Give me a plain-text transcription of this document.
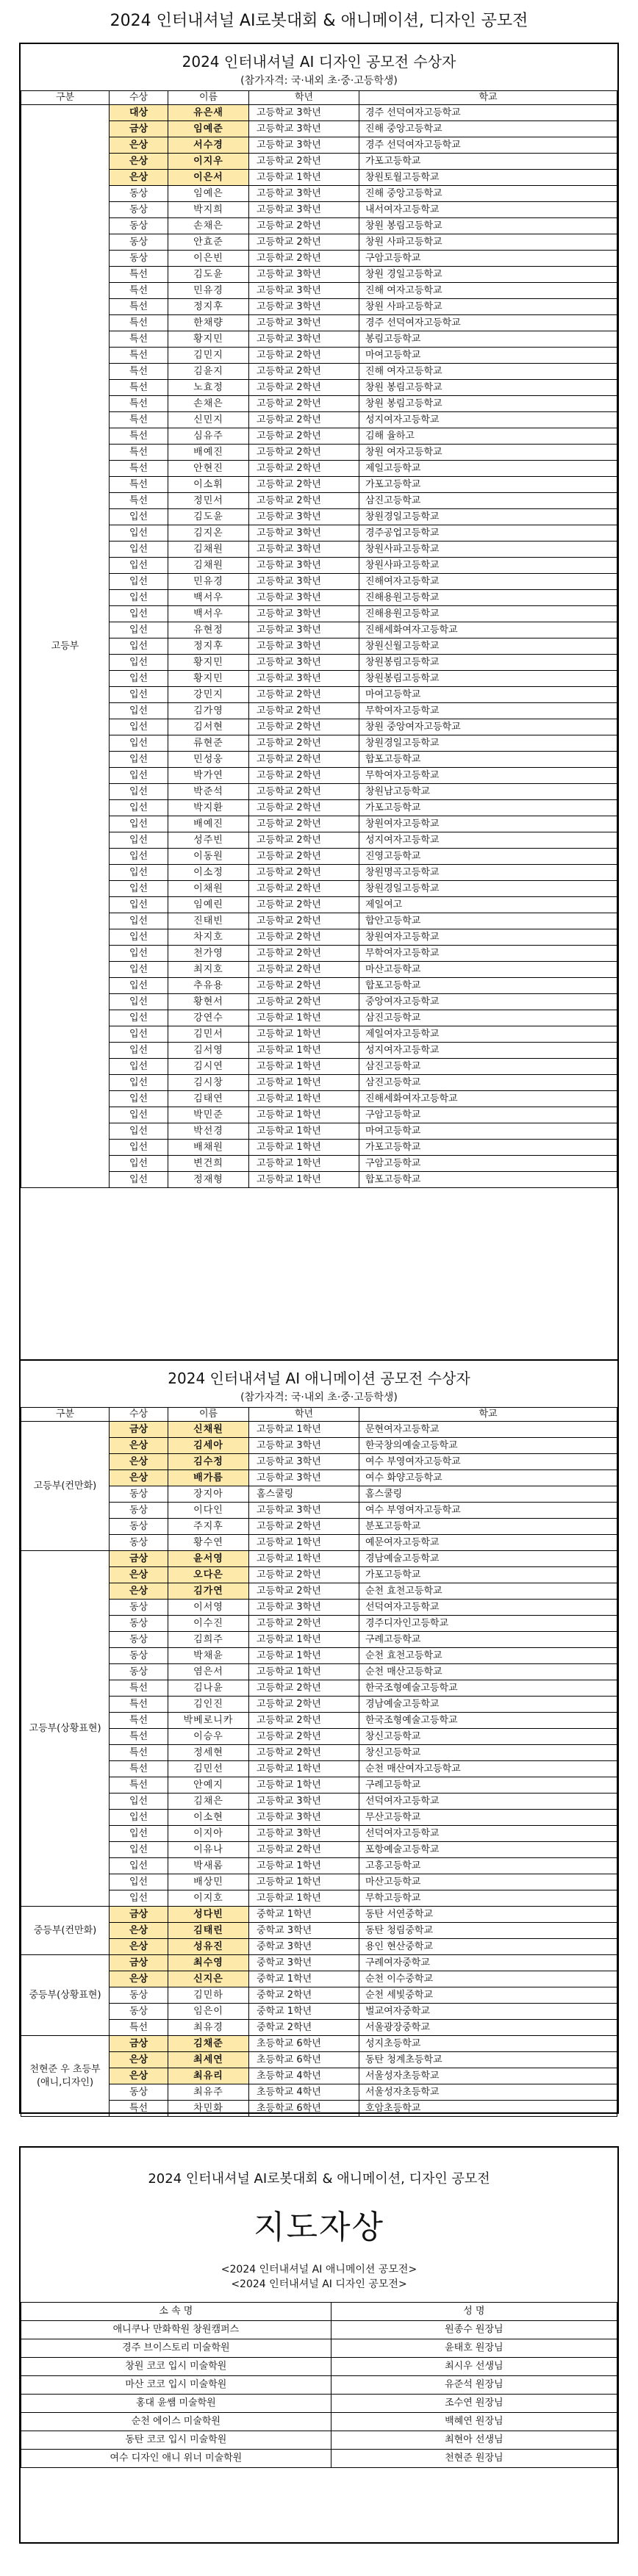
2024 인터내셔널 AI로봇대회 & 애니메이션, 디자인 공모전
2024 인터내셔널 AI 디자인 공모전 수상자
(참가자격: 국·내외 초·중·고등학생)
구분	수상	이름	학년	학교
고등부	대상	유은새	고등학교 3학년	경주 선덕여자고등학교
	금상	임예준	고등학교 3학년	진해 중앙고등학교
	은상	서수경	고등학교 3학년	경주 선덕여자고등학교
	은상	이지우	고등학교 2학년	가포고등학교
	은상	이은서	고등학교 1학년	창원토월고등학교
	동상	임예은	고등학교 3학년	진해 중앙고등학교
	동상	박지희	고등학교 3학년	내서여자고등학교
	동상	손채은	고등학교 2학년	창원 봉림고등학교
	동상	안효준	고등학교 2학년	창원 사파고등학교
	동상	이은빈	고등학교 2학년	구암고등학교
	특선	김도윤	고등학교 3학년	창원 경일고등학교
	특선	민유경	고등학교 3학년	진해 여자고등학교
	특선	정지후	고등학교 3학년	창원 사파고등학교
	특선	한채량	고등학교 3학년	경주 선덕여자고등학교
	특선	황지민	고등학교 3학년	봉림고등학교
	특선	김민지	고등학교 2학년	마여고등학교
	특선	김윤지	고등학교 2학년	진해 여자고등학교
	특선	노효정	고등학교 2학년	창원 봉림고등학교
	특선	손채은	고등학교 2학년	창원 봉림고등학교
	특선	신민지	고등학교 2학년	성지여자고등학교
	특선	심유주	고등학교 2학년	김해 율하고
	특선	배예진	고등학교 2학년	창원 여자고등학교
	특선	안현진	고등학교 2학년	제일고등학교
	특선	이소휘	고등학교 2학년	가포고등학교
	특선	정민서	고등학교 2학년	삼진고등학교
	입선	김도윤	고등학교 3학년	창원경일고등학교
	입선	김지온	고등학교 3학년	경주공업고등학교
	입선	김채원	고등학교 3학년	창원사파고등학교
	입선	김채원	고등학교 3학년	창원사파고등학교
	입선	민유경	고등학교 3학년	진해여자고등학교
	입선	백서우	고등학교 3학년	진해용원고등학교
	입선	백서우	고등학교 3학년	진해용원고등학교
	입선	유현정	고등학교 3학년	진해세화여자고등학교
	입선	정지후	고등학교 3학년	창원신월고등학교
	입선	황지민	고등학교 3학년	창원봉림고등학교
	입선	황지민	고등학교 3학년	창원봉림고등학교
	입선	강민지	고등학교 2학년	마여고등학교
	입선	김가영	고등학교 2학년	무학여자고등학교
	입선	김서현	고등학교 2학년	창원 중앙여자고등학교
	입선	류현준	고등학교 2학년	창원경일고등학교
	입선	민성웅	고등학교 2학년	합포고등학교
	입선	박가연	고등학교 2학년	무학여자고등학교
	입선	박준석	고등학교 2학년	창원남고등학교
	입선	박지환	고등학교 2학년	가포고등학교
	입선	배예진	고등학교 2학년	창원여자고등학교
	입선	성주빈	고등학교 2학년	성지여자고등학교
	입선	이동원	고등학교 2학년	진영고등학교
	입선	이소정	고등학교 2학년	창원명곡고등학교
	입선	이채원	고등학교 2학년	창원경일고등학교
	입선	임예린	고등학교 2학년	제일여고
	입선	진태빈	고등학교 2학년	합안고등학교
	입선	차지호	고등학교 2학년	창원여자고등학교
	입선	천가영	고등학교 2학년	무학여자고등학교
	입선	최지호	고등학교 2학년	마산고등학교
	입선	추유용	고등학교 2학년	합포고등학교
	입선	황현서	고등학교 2학년	중앙여자고등학교
	입선	강연수	고등학교 1학년	삼진고등학교
	입선	김민서	고등학교 1학년	제일여자고등학교
	입선	김서영	고등학교 1학년	성지여자고등학교
	입선	김시연	고등학교 1학년	삼진고등학교
	입선	김시창	고등학교 1학년	삼진고등학교
	입선	김태연	고등학교 1학년	진해세화여자고등학교
	입선	박민준	고등학교 1학년	구암고등학교
	입선	박선경	고등학교 1학년	마여고등학교
	입선	배채원	고등학교 1학년	가포고등학교
	입선	변건희	고등학교 1학년	구암고등학교
	입선	정재형	고등학교 1학년	합포고등학교
2024 인터내셔널 AI 애니메이션 공모전 수상자
(참가자격: 국·내외 초·중·고등학생)
구분	수상	이름	학년	학교
고등부(컨만화)	금상	신채원	고등학교 1학년	문현여자고등학교
	은상	김세아	고등학교 3학년	한국창의예술고등학교
	은상	김수정	고등학교 3학년	여수 부영여자고등학교
	은상	배가름	고등학교 3학년	여수 화양고등학교
	동상	장지아	홈스쿨링	홈스쿨링
	동상	이다인	고등학교 3학년	여수 부영여자고등학교
	동상	주지후	고등학교 2학년	분포고등학교
	동상	황수연	고등학교 1학년	예문여자고등학교
고등부(상황표현)	금상	윤서영	고등학교 1학년	경남예술고등학교
	은상	오다은	고등학교 2학년	가포고등학교
	은상	김가연	고등학교 2학년	순천 효천고등학교
	동상	이서영	고등학교 3학년	선덕여자고등학교
	동상	이수진	고등학교 2학년	경주디자인고등학교
	동상	김희주	고등학교 1학년	구례고등학교
	동상	박채윤	고등학교 1학년	순천 효천고등학교
	동상	염은서	고등학교 1학년	순천 매산고등학교
	특선	김나윤	고등학교 2학년	한국조형예술고등학교
	특선	김인진	고등학교 2학년	경남예술고등학교
	특선	박베로니카	고등학교 2학년	한국조형예술고등학교
	특선	이승우	고등학교 2학년	창신고등학교
	특선	정세현	고등학교 2학년	창신고등학교
	특선	김민선	고등학교 1학년	순천 매산여자고등학교
	특선	안예지	고등학교 1학년	구례고등학교
	입선	김채은	고등학교 3학년	선덕여자고등학교
	입선	이소현	고등학교 3학년	무산고등학교
	입선	이지아	고등학교 3학년	선덕여자고등학교
	입선	이유나	고등학교 2학년	포항예술고등학교
	입선	박새롬	고등학교 1학년	고흥고등학교
	입선	배상민	고등학교 1학년	마산고등학교
	입선	이지호	고등학교 1학년	무학고등학교
중등부(컨만화)	금상	성다빈	중학교 1학년	동탄 서연중학교
	은상	김태린	중학교 3학년	동탄 청림중학교
	은상	성유진	중학교 3학년	용인 현산중학교
중등부(상황표현)	금상	최수영	중학교 3학년	구례여자중학교
	은상	신지은	중학교 1학년	순천 이수중학교
	동상	김민하	중학교 2학년	순천 세빛중학교
	동상	임은이	중학교 1학년	벌교여자중학교
	특선	최유경	중학교 2학년	서울광장중학교
천현준 우 초등부 (애니,디자인)	금상	김채준	초등학교 6학년	성지초등학교
	은상	최세연	초등학교 6학년	동탄 청계초등학교
	은상	최유리	초등학교 4학년	서울성자초등학교
	동상	최유주	초등학교 4학년	서울성자초등학교
	특선	차민화	초등학교 6학년	호암초등학교
2024 인터내셔널 AI로봇대회 & 애니메이션, 디자인 공모전
지도자상
<2024 인터내셔널 AI 애니메이션 공모전>
<2024 인터내셔널 AI 디자인 공모전>
소 속 명	성 명
애니쿠나 만화학원 창원캠퍼스	원종수 원장님
경주 브이스토리 미술학원	윤태호 원장님
창원 코코 입시 미술학원	최시우 선생님
마산 코코 입시 미술학원	유준석 원장님
홍대 윤쌤 미술학원	조수연 원장님
순천 에이스 미술학원	백혜연 원장님
동탄 코코 입시 미술학원	최현아 선생님
여수 디자인 애니 위너 미술학원	천현준 원장님
